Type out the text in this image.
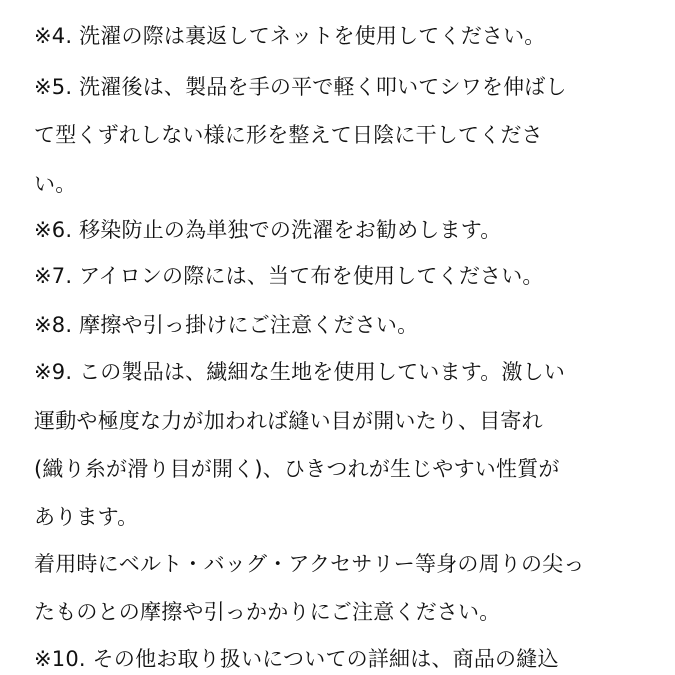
※4. 洗濯の際は裏返してネットを使用してください。
※5. 洗濯後は、製品を手の平で軽く叩いてシワを伸ばし
て型くずれしない様に形を整えて日陰に干してくださ
い。
※6. 移染防止の為単独での洗濯をお勧めします。
※7. アイロンの際には、当て布を使用してください。
※8. 摩擦や引っ掛けにご注意ください。
※9. この製品は、繊細な生地を使用しています。激しい
運動や極度な力が加われば縫い目が開いたり、目寄れ
(織り糸が滑り目が開く)、ひきつれが生じやすい性質が
あります。
着用時にベルト・バッグ・アクセサリー等身の周りの尖っ
たものとの摩擦や引っかかりにご注意ください。
※10. その他お取り扱いについての詳細は、商品の縫込
